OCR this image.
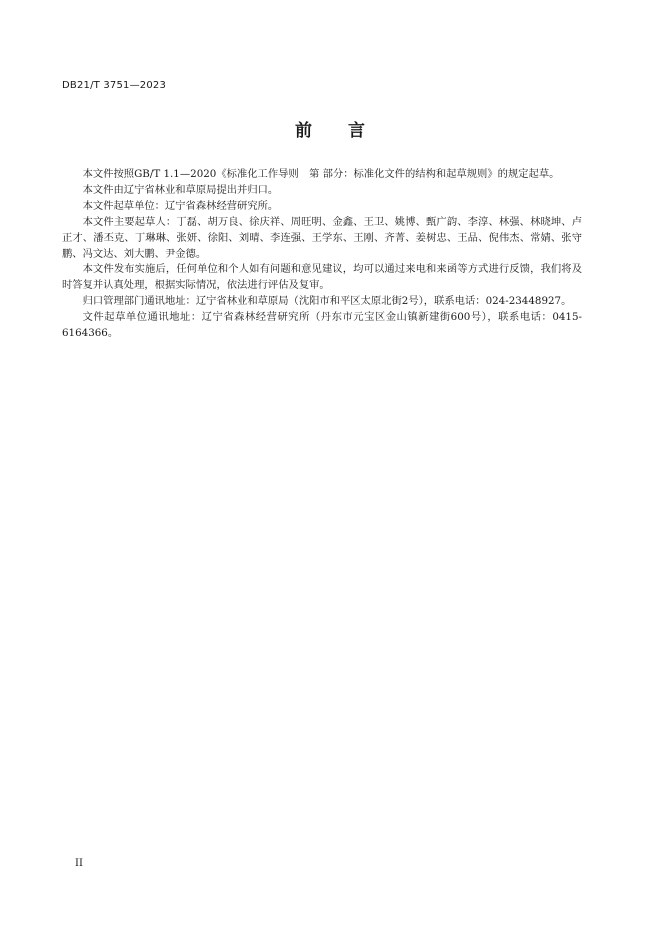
DB21/T 3751—2023
前 言

本文件按照GB/T 1.1—2020《标准化工作导则　第 部分：标准化文件的结构和起草规则》的规定起草。

本文件由辽宁省林业和草原局提出并归口。

本文件起草单位：辽宁省森林经营研究所。

本文件主要起草人：丁磊、胡万良、徐庆祥、周旺明、金鑫、王卫、姚博、甄广韵、李淳、林强、林晓坤、卢正才、潘丕克、丁琳琳、张妍、徐阳、刘晴、李连强、王学东、王刚、齐菁、姜树忠、王品、倪伟杰、常婧、张守鹏、冯文达、刘大鹏、尹金德。

本文件发布实施后，任何单位和个人如有问题和意见建议，均可以通过来电和来函等方式进行反馈，我们将及时答复并认真处理，根据实际情况，依法进行评估及复审。

归口管理部门通讯地址：辽宁省林业和草原局（沈阳市和平区太原北街2号），联系电话：024-23448927。

文件起草单位通讯地址：辽宁省森林经营研究所（丹东市元宝区金山镇新建街600号），联系电话：0415-6164366。

II
